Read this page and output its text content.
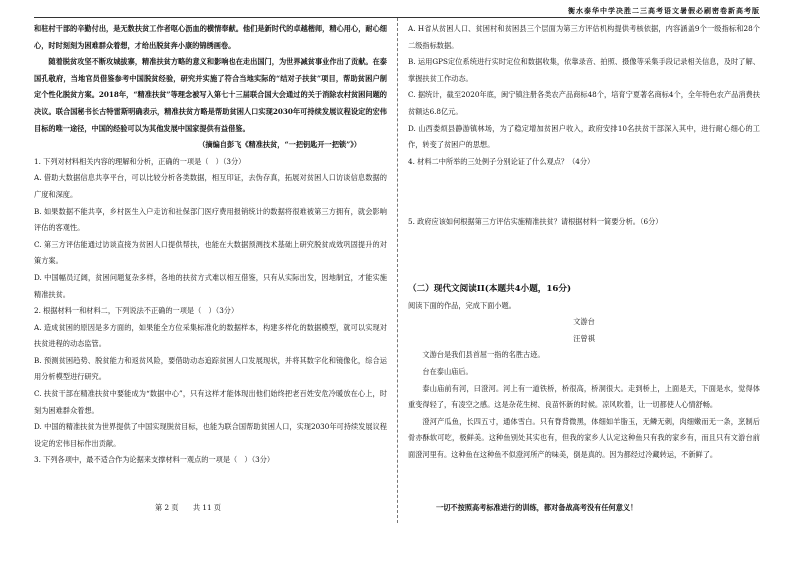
衡水泰华中学决胜二三高考语文暑假必刷密卷新高考版

和驻村干部的辛勤付出，是无数扶贫工作者呕心沥血的横情奉献。他们是新时代的卓越楷师，精心用心，耐心细心，时时刻刻为困难群众着想，才给出脱贫奔小康的锦绣画卷。

随着脱贫攻坚不断攻城拔寨，精准扶贫方略的意义和影响也在走出国门，为世界减贫事业作出了贡献。在泰国孔敬府，当地官员借鉴参考中国脱贫经验，研究并实施了符合当地实际的“结对子扶贫”项目，帮助贫困户制定个性化脱贫方案。2018年，“精准扶贫”等理念被写入第七十三届联合国大会通过的关于消除农村贫困问题的决议。联合国秘书长古特雷斯明确表示，精准扶贫方略是帮助贫困人口实现2030年可持续发展议程设定的宏伟目标的唯一途径，中国的经验可以为其他发展中国家提供有益借鉴。

（摘编自彭飞《精准扶贫，“一把钥匙开一把锁”》）

1. 下列对材料相关内容的理解和分析，正确的一项是（　）（3分）

A. 借助大数据信息共享平台，可以比较分析各类数据，相互印证，去伪存真，拓展对贫困人口访谈信息数据的广度和深度。

B. 如果数据不能共享，乡村医生入户走访和社保部门医疗费用报销统计的数据将很难被第三方拥有，就会影响评估的客观性。

C. 第三方评估能通过访谈直接为贫困人口提供帮扶，也能在大数据预测技术基础上研究脱贫成效巩固提升的对策方案。

D. 中国幅员辽阔，贫困问题复杂多样，各地的扶贫方式难以相互借鉴，只有从实际出发，因地制宜，才能实施精准扶贫。

2. 根据材料一和材料二，下列说法不正确的一项是（　）（3分）

A. 造成贫困的原因是多方面的，如果能全方位采集标准化的数据样本，构建多样化的数据模型，就可以实现对扶贫进程的动态监管。

B. 预测贫困趋势、脱贫能力和返贫风险，要借助动态追踪贫困人口发展现状，并将其数字化和镜像化，综合运用分析模型进行研究。

C. 扶贫干部在精准扶贫中要能成为“数据中心”，只有这样才能体现出他们始终把老百姓安危冷暖放在心上，时刻为困难群众着想。

D. 中国的精准扶贫为世界提供了中国实现脱贫目标，也能为联合国帮助贫困人口，实现2030年可持续发展议程设定的宏伟目标作出贡献。

3. 下列各项中，最不适合作为论据来支撑材料一观点的一项是（　）（3分）

A. H省从贫困人口、贫困村和贫困县三个层面为第三方评估机构提供考核依据，内容涵盖9个一级指标和28个二级指标数据。

B. 运用GPS定位系统进行实时定位和数据收集，依靠录音、拍照、摄像等采集手段记录相关信息，及时了解、掌握扶贫工作动态。

C. 据统计，截至2020年底，闽宁镇注册各类农产品商标48个，培育宁夏著名商标4个，全年特色农产品消费扶贫额达6.8亿元。

D. 山西娄烦县静游镇林场，为了稳定增加贫困户收入，政府安排10名扶贫干部深入其中，进行耐心细心的工作，转变了贫困户的思想。

4. 材料二中所举的三处例子分别论证了什么观点？（4分）

5. 政府应该如何根据第三方评估实施精准扶贫？请根据材料一简要分析。（6分）

（二）现代文阅读II(本题共4小题，16分)

阅读下面的作品，完成下面小题。

文游台

汪曾祺

文游台是我们县首屈一指的名胜古迹。

台在泰山庙后。

泰山庙前有河，曰澄河。河上有一道铁桥，桥很高，桥洞很大。走到桥上，上面是天，下面是水，觉得体重变得轻了，有凌空之感。这是杂花生树、良苗怀新的时候。凉风吹着，让一切都使人心情舒畅。

澄河产瓜鱼，长四五寸，通体雪白。只有脊背微黑，体细如羊脂玉，无鳞无刺，肉细嫩而无一条，烹制后骨亦酥软可吃，极鲜美。这种鱼别处其实也有，但我的家乡人认定这种鱼只有我的家乡有，而且只有文游台前面澄河里有。这种鱼在这种鱼不似澄河所产的味美，倒是真的。因为都经过冷藏转运，不新鲜了。

第 2 页　　共 11 页	一切不按照高考标准进行的训练，都对备战高考没有任何意义！
